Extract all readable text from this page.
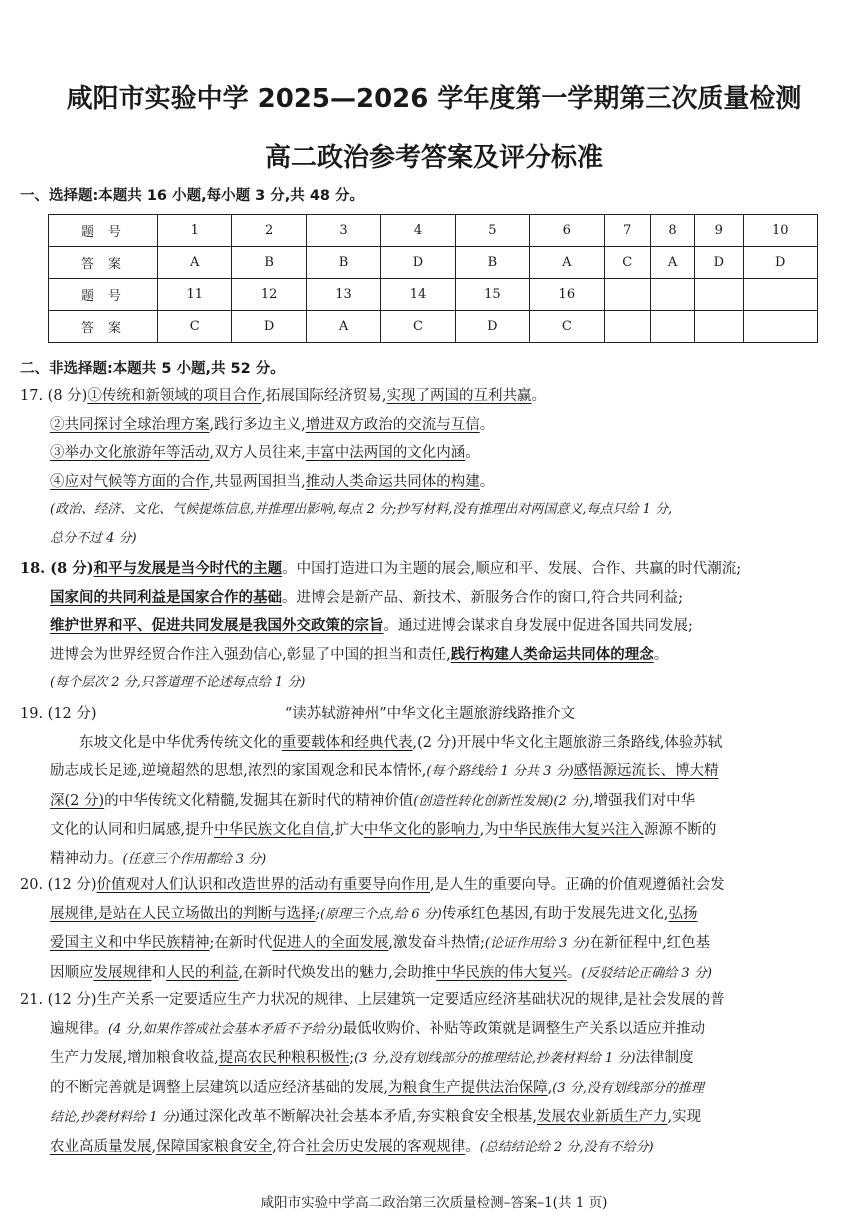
咸阳市实验中学 2025—2026 学年度第一学期第三次质量检测
高二政治参考答案及评分标准
一、选择题:本题共 16 小题,每小题 3 分,共 48 分。
题号	1	2	3	4	5	6	7	8	9	10
答案	A	B	B	D	B	A	C	A	D	D
题号	11	12	13	14	15	16				
答案	C	D	A	C	D	C				
二、非选择题:本题共 5 小题,共 52 分。
17. (8 分)①传统和新领域的项目合作,拓展国际经济贸易,实现了两国的互利共赢。
②共同探讨全球治理方案,践行多边主义,增进双方政治的交流与互信。
③举办文化旅游年等活动,双方人员往来,丰富中法两国的文化内涵。
④应对气候等方面的合作,共显两国担当,推动人类命运共同体的构建。
(政治、经济、文化、气候提炼信息,并推理出影响,每点 2 分;抄写材料,没有推理出对两国意义,每点只给 1 分,
总分不过 4 分)
18. (8 分)和平与发展是当今时代的主题。中国打造进口为主题的展会,顺应和平、发展、合作、共赢的时代潮流;
国家间的共同利益是国家合作的基础。进博会是新产品、新技术、新服务合作的窗口,符合共同利益;
维护世界和平、促进共同发展是我国外交政策的宗旨。通过进博会谋求自身发展中促进各国共同发展;
进博会为世界经贸合作注入强劲信心,彰显了中国的担当和责任,践行构建人类命运共同体的理念。
(每个层次 2 分,只答道理不论述每点给 1 分)
19. (12 分)	“读苏轼游神州”中华文化主题旅游线路推介文
东坡文化是中华优秀传统文化的重要载体和经典代表,(2 分)开展中华文化主题旅游三条路线,体验苏轼
励志成长足迹,逆境超然的思想,浓烈的家国观念和民本情怀,(每个路线给 1 分共 3 分)感悟源远流长、博大精
深(2 分)的中华传统文化精髓,发掘其在新时代的精神价值(创造性转化创新性发展)(2 分),增强我们对中华
文化的认同和归属感,提升中华民族文化自信,扩大中华文化的影响力,为中华民族伟大复兴注入源源不断的
精神动力。(任意三个作用都给 3 分)
20. (12 分)价值观对人们认识和改造世界的活动有重要导向作用,是人生的重要向导。正确的价值观遵循社会发
展规律,是站在人民立场做出的判断与选择;(原理三个点,给 6 分)传承红色基因,有助于发展先进文化,弘扬
爱国主义和中华民族精神;在新时代促进人的全面发展,激发奋斗热情;(论证作用给 3 分)在新征程中,红色基
因顺应发展规律和人民的利益,在新时代焕发出的魅力,会助推中华民族的伟大复兴。(反驳结论正确给 3 分)
21. (12 分)生产关系一定要适应生产力状况的规律、上层建筑一定要适应经济基础状况的规律,是社会发展的普
遍规律。(4 分,如果作答成社会基本矛盾不予给分)最低收购价、补贴等政策就是调整生产关系以适应并推动
生产力发展,增加粮食收益,提高农民种粮积极性;(3 分,没有划线部分的推理结论,抄袭材料给 1 分)法律制度
的不断完善就是调整上层建筑以适应经济基础的发展,为粮食生产提供法治保障,(3 分,没有划线部分的推理
结论,抄袭材料给 1 分)通过深化改革不断解决社会基本矛盾,夯实粮食安全根基,发展农业新质生产力,实现
农业高质量发展,保障国家粮食安全,符合社会历史发展的客观规律。(总结结论给 2 分,没有不给分)
咸阳市实验中学高二政治第三次质量检测–答案–1(共 1 页)
